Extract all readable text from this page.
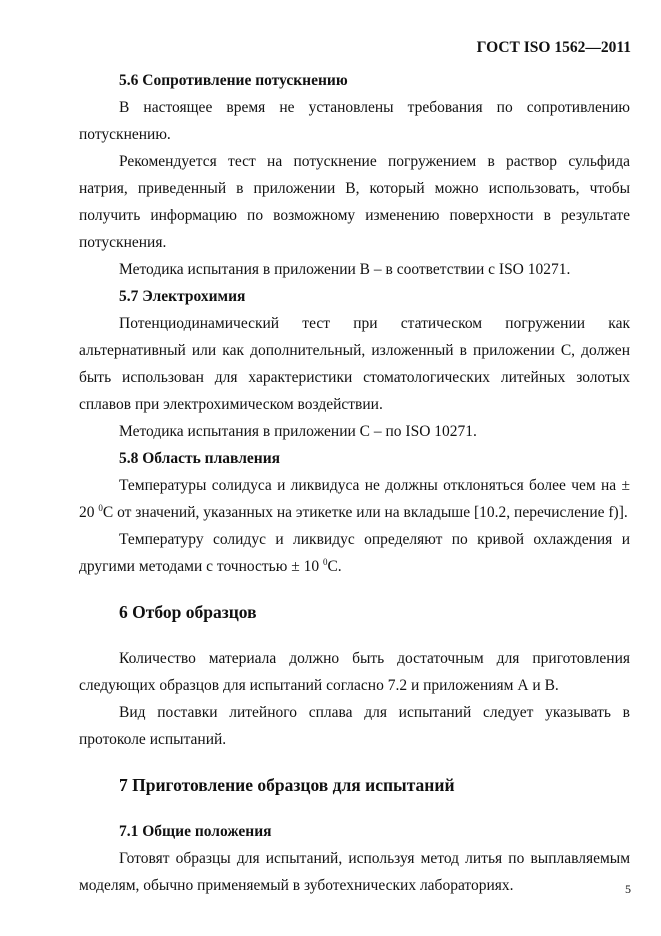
ГОСТ ISO 1562—2011
5.6 Сопротивление потускнению

В настоящее время не установлены требования по сопротивлению потускнению.

Рекомендуется тест на потускнение погружением в раствор сульфида натрия, приведенный в приложении В, который можно использовать, чтобы получить информацию по возможному изменению поверхности в результате потускнения.

Методика испытания в приложении В – в соответствии с ISO 10271.

5.7 Электрохимия

Потенциодинамический тест при статическом погружении как альтернативный или как дополнительный, изложенный в приложении С, должен быть использован для характеристики стоматологических литейных золотых сплавов при электрохимическом воздействии.

Методика испытания в приложении С – по ISO 10271.

5.8 Область плавления

Температуры солидуса и ликвидуса не должны отклоняться более чем на ± 20 $^0$С от значений, указанных на этикетке или на вкладыше [10.2, перечисление f)].

Температуру солидус и ликвидус определяют по кривой охлаждения и другими методами с точностью ± 10 $^0$С.

6 Отбор образцов

Количество материала должно быть достаточным для приготовления следующих образцов для испытаний согласно 7.2 и приложениям А и В.

Вид поставки литейного сплава для испытаний следует указывать в протоколе испытаний.

7 Приготовление образцов для испытаний
7.1 Общие положения

Готовят образцы для испытаний, используя метод литья по выплавляемым моделям, обычно применяемый в зуботехнических лабораториях.	5
